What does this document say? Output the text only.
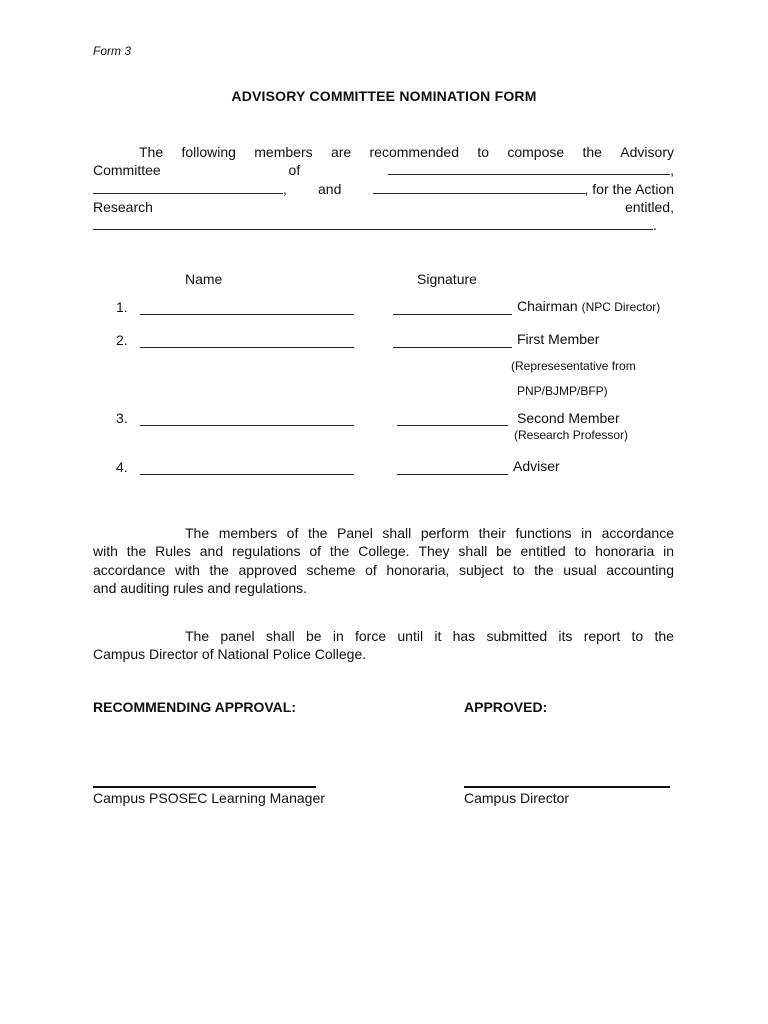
Form 3
ADVISORY COMMITTEE NOMINATION FORM
The following members are recommended to compose the Advisory
Committee	of	,
, and	, for the Action
Research	entitled,
.
Name	Signature
1.	Chairman (NPC Director)
2.	First Member
(Represesentative from
PNP/BJMP/BFP)
3.	Second Member
(Research Professor)
4.	Adviser
The members of the Panel shall perform their functions in accordance
with the Rules and regulations of the College. They shall be entitled to honoraria in
accordance with the approved scheme of honoraria, subject to the usual accounting
and auditing rules and regulations.
The panel shall be in force until it has submitted its report to the
Campus Director of National Police College.
RECOMMENDING APPROVAL:	APPROVED:
Campus PSOSEC Learning Manager	Campus Director
